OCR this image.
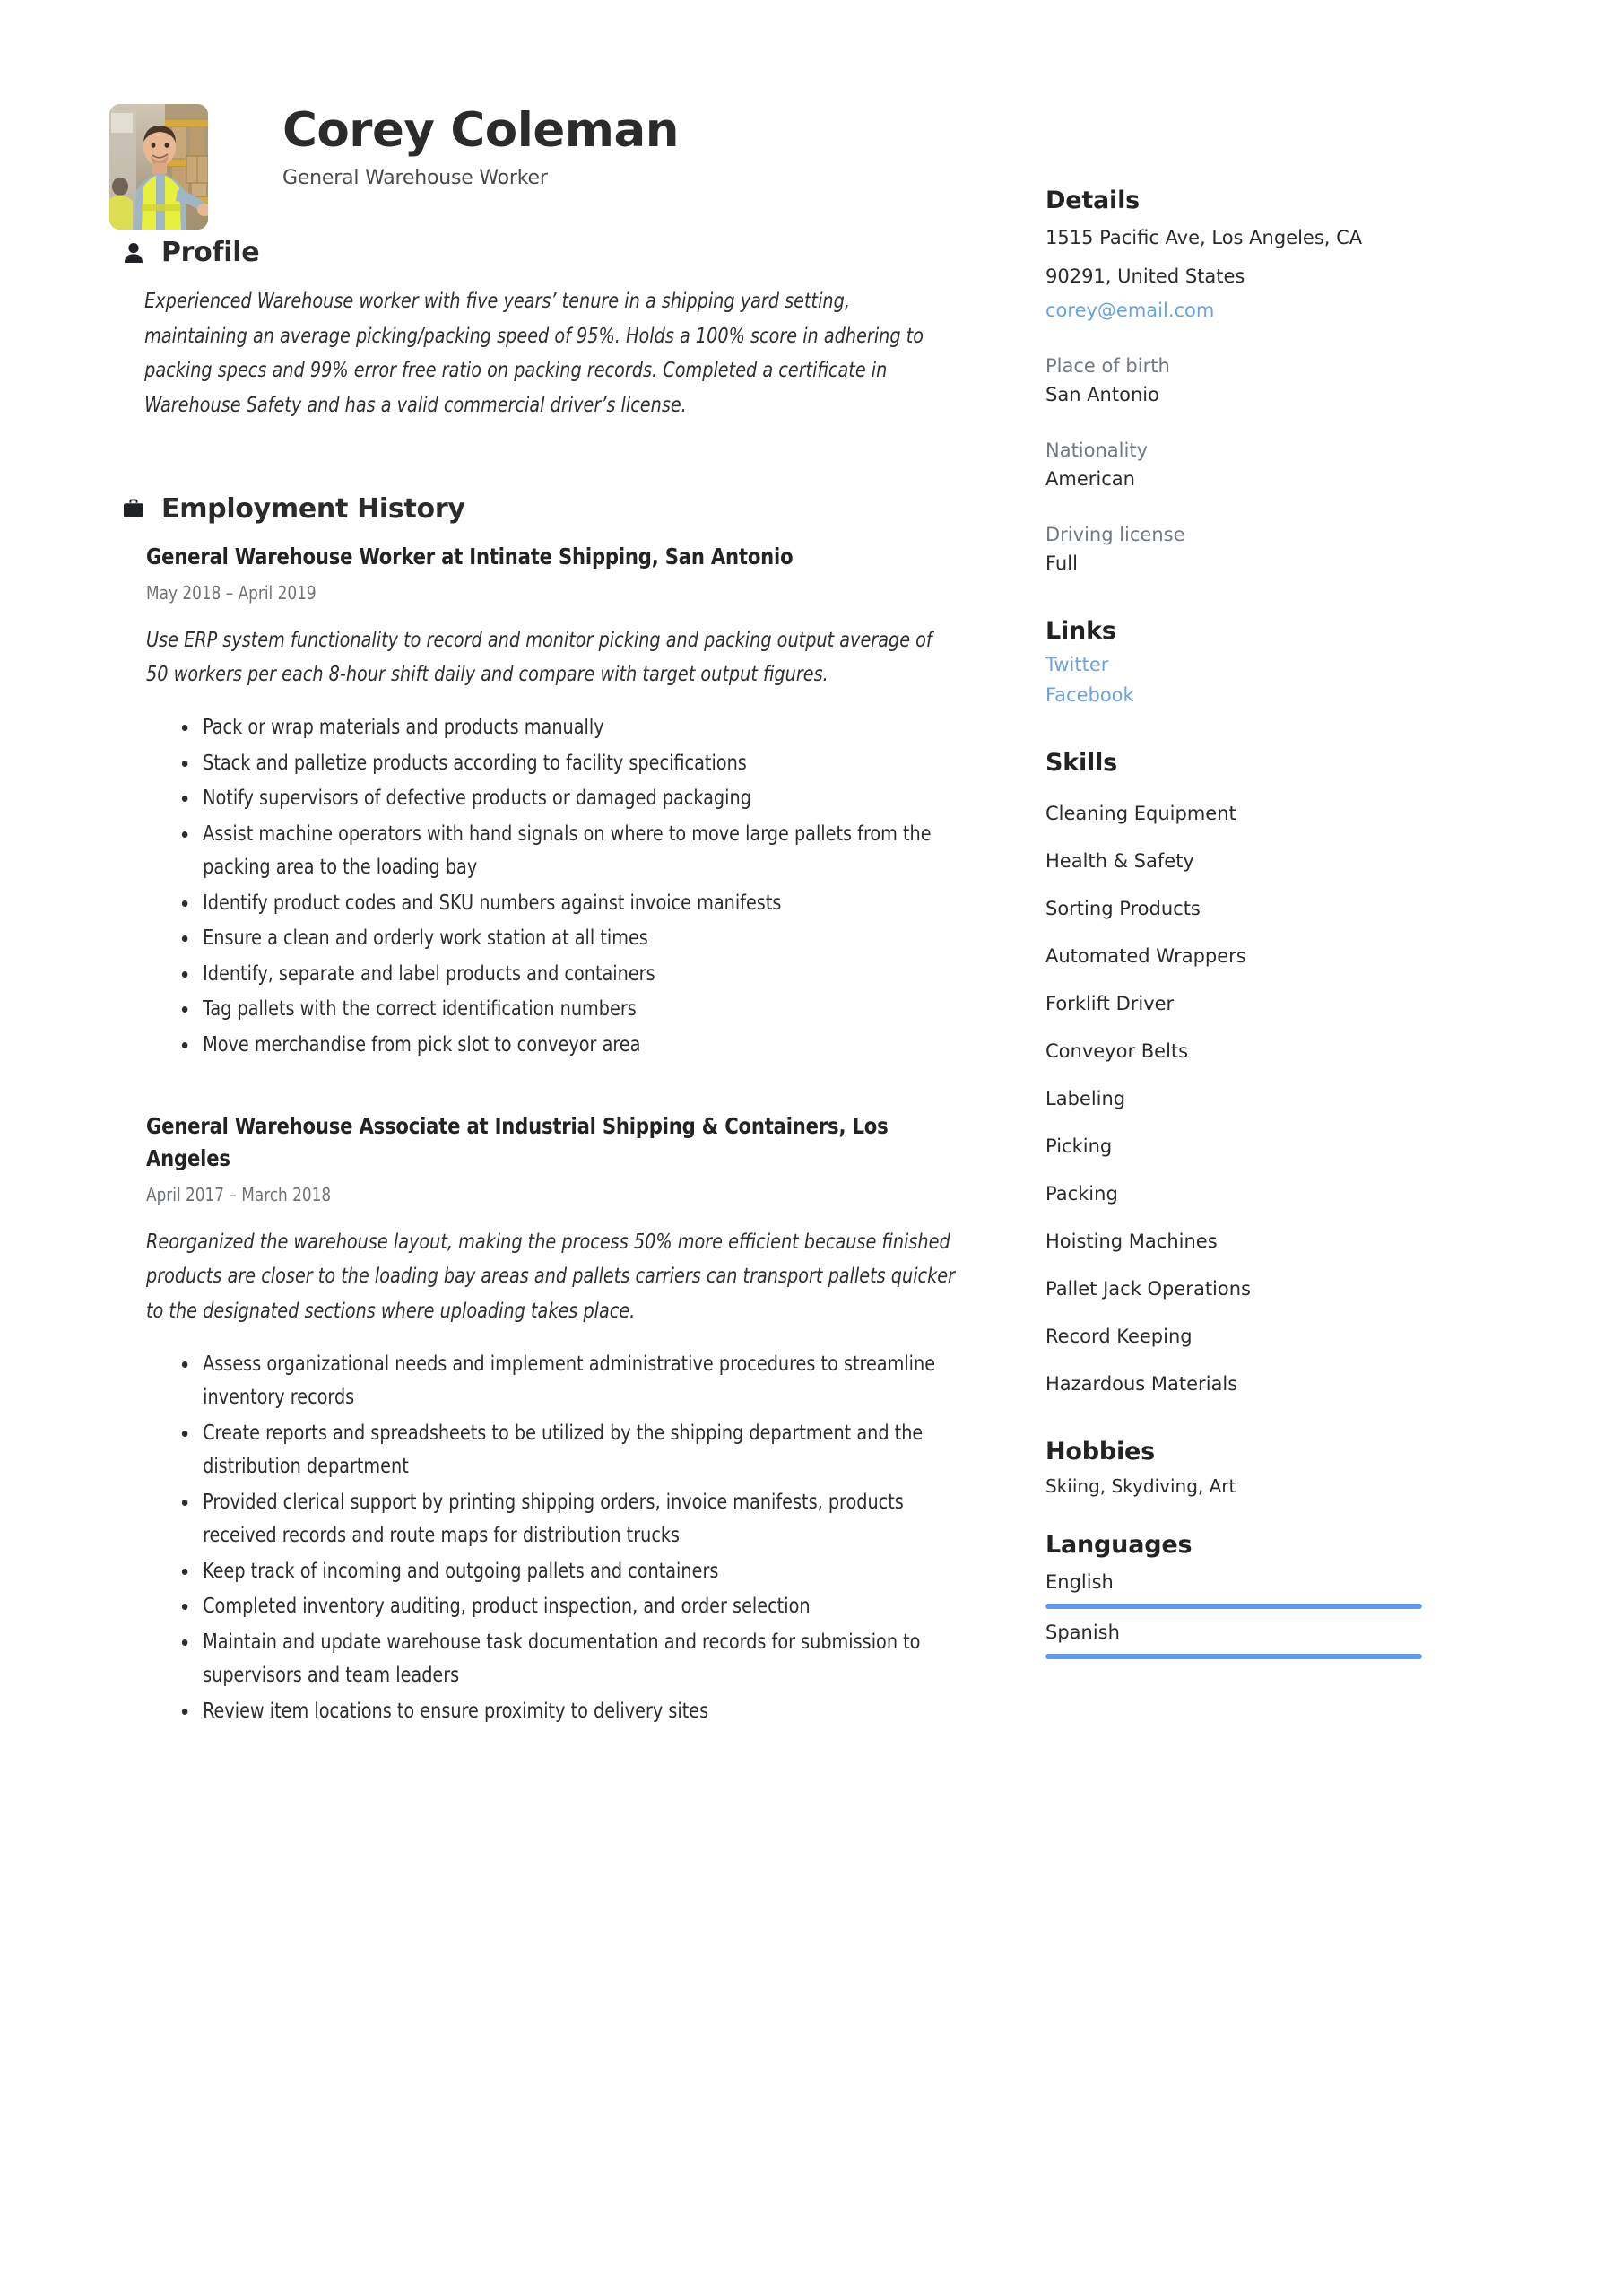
Corey Coleman
General Warehouse Worker
Profile
Experienced Warehouse worker with five years’ tenure in a shipping yard setting, maintaining an average picking/packing speed of 95%. Holds a 100% score in adhering to packing specs and 99% error free ratio on packing records. Completed a certificate in Warehouse Safety and has a valid commercial driver’s license.
Employment History
General Warehouse Worker at Intinate Shipping, San Antonio
May 2018 – April 2019
Use ERP system functionality to record and monitor picking and packing output average of 50 workers per each 8-hour shift daily and compare with target output figures.
Pack or wrap materials and products manually
Stack and palletize products according to facility specifications
Notify supervisors of defective products or damaged packaging
Assist machine operators with hand signals on where to move large pallets from the packing area to the loading bay
Identify product codes and SKU numbers against invoice manifests
Ensure a clean and orderly work station at all times
Identify, separate and label products and containers
Tag pallets with the correct identification numbers
Move merchandise from pick slot to conveyor area
General Warehouse Associate at Industrial Shipping & Containers, Los Angeles
April 2017 – March 2018
Reorganized the warehouse layout, making the process 50% more efficient because finished products are closer to the loading bay areas and pallets carriers can transport pallets quicker to the designated sections where uploading takes place.
Assess organizational needs and implement administrative procedures to streamline inventory records
Create reports and spreadsheets to be utilized by the shipping department and the distribution department
Provided clerical support by printing shipping orders, invoice manifests, products received records and route maps for distribution trucks
Keep track of incoming and outgoing pallets and containers
Completed inventory auditing, product inspection, and order selection
Maintain and update warehouse task documentation and records for submission to supervisors and team leaders
Review item locations to ensure proximity to delivery sites
Details
1515 Pacific Ave, Los Angeles, CA
90291, United States
corey@email.com
Place of birth
San Antonio
Nationality
American
Driving license
Full
Links
Twitter
Facebook
Skills
Cleaning Equipment
Health & Safety
Sorting Products
Automated Wrappers
Forklift Driver
Conveyor Belts
Labeling
Picking
Packing
Hoisting Machines
Pallet Jack Operations
Record Keeping
Hazardous Materials
Hobbies
Skiing, Skydiving, Art
Languages
English
Spanish
